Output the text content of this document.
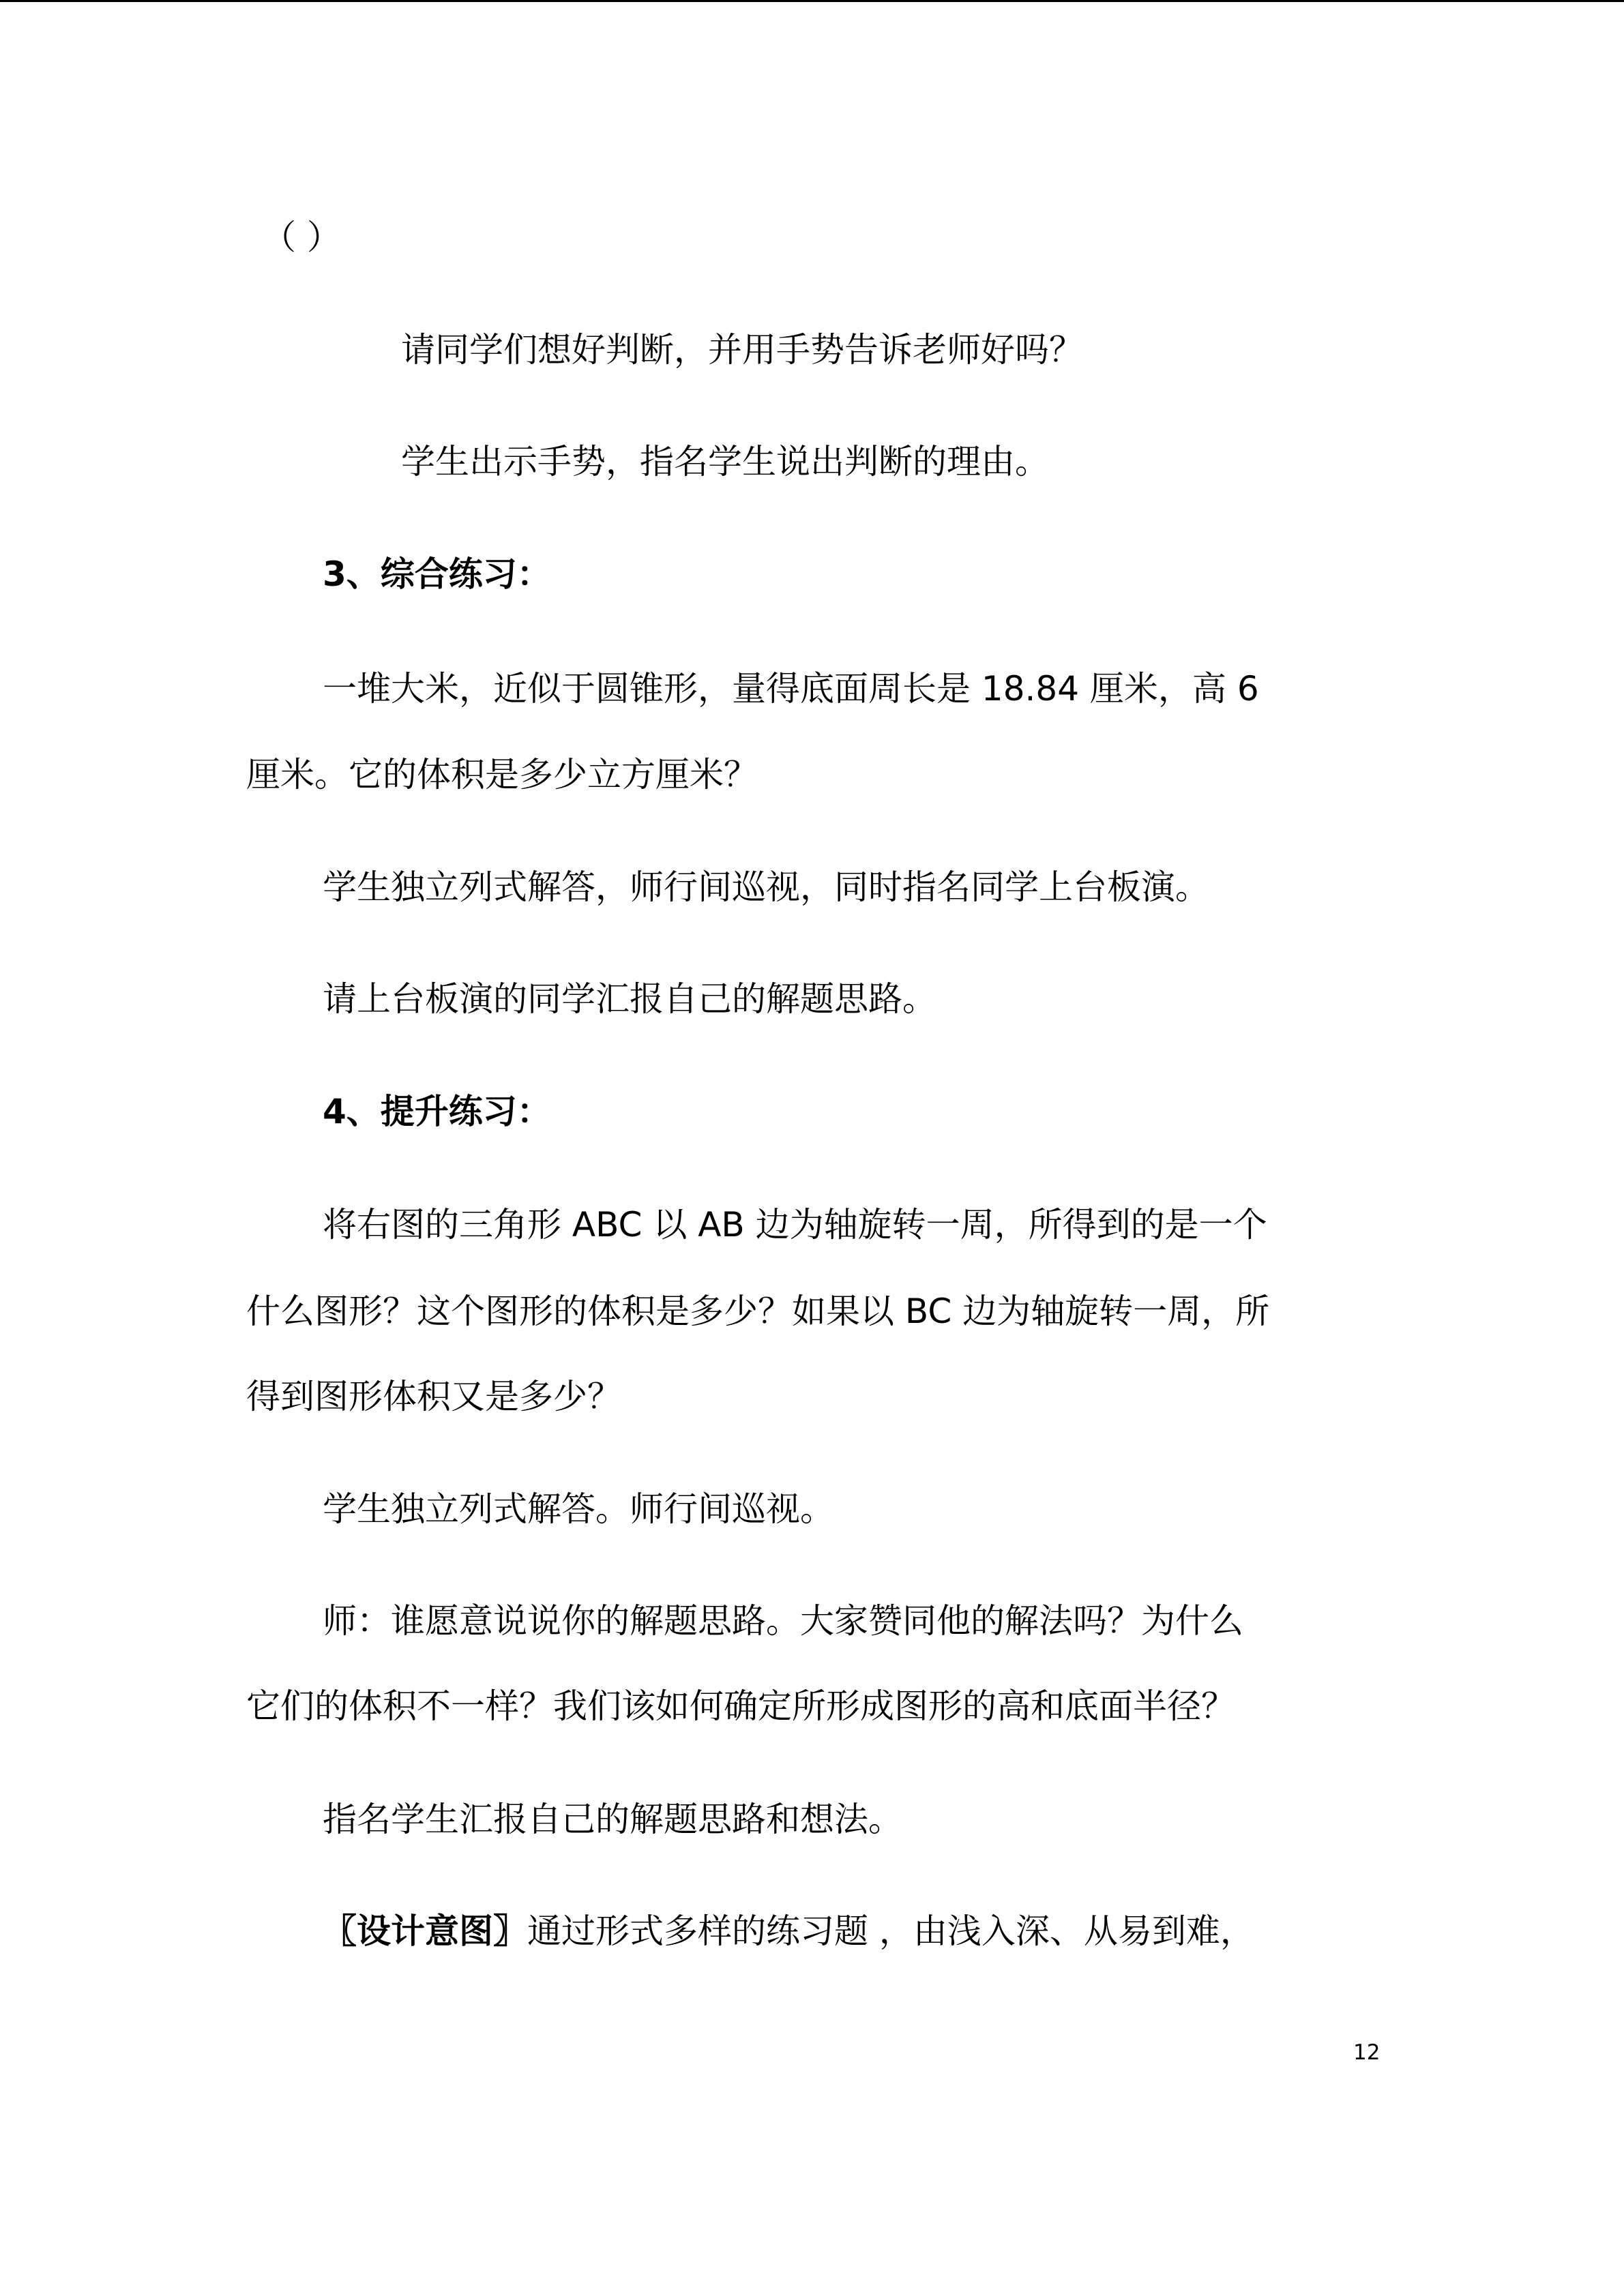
（ ）

请同学们想好判断，并用手势告诉老师好吗？

学生出示手势，指名学生说出判断的理由。

3、综合练习：

一堆大米，近似于圆锥形，量得底面周长是 18.84 厘米，高 6

厘米。它的体积是多少立方厘米？

学生独立列式解答，师行间巡视，同时指名同学上台板演。

请上台板演的同学汇报自己的解题思路。

4、提升练习：

将右图的三角形 ABC 以 AB 边为轴旋转一周，所得到的是一个

什么图形？这个图形的体积是多少？如果以 BC 边为轴旋转一周，所

得到图形体积又是多少？

学生独立列式解答。师行间巡视。

师：谁愿意说说你的解题思路。大家赞同他的解法吗？为什么

它们的体积不一样？我们该如何确定所形成图形的高和底面半径？

指名学生汇报自己的解题思路和想法。

〖设计意图〗通过形式多样的练习题 ，由浅入深、从易到难，

12
